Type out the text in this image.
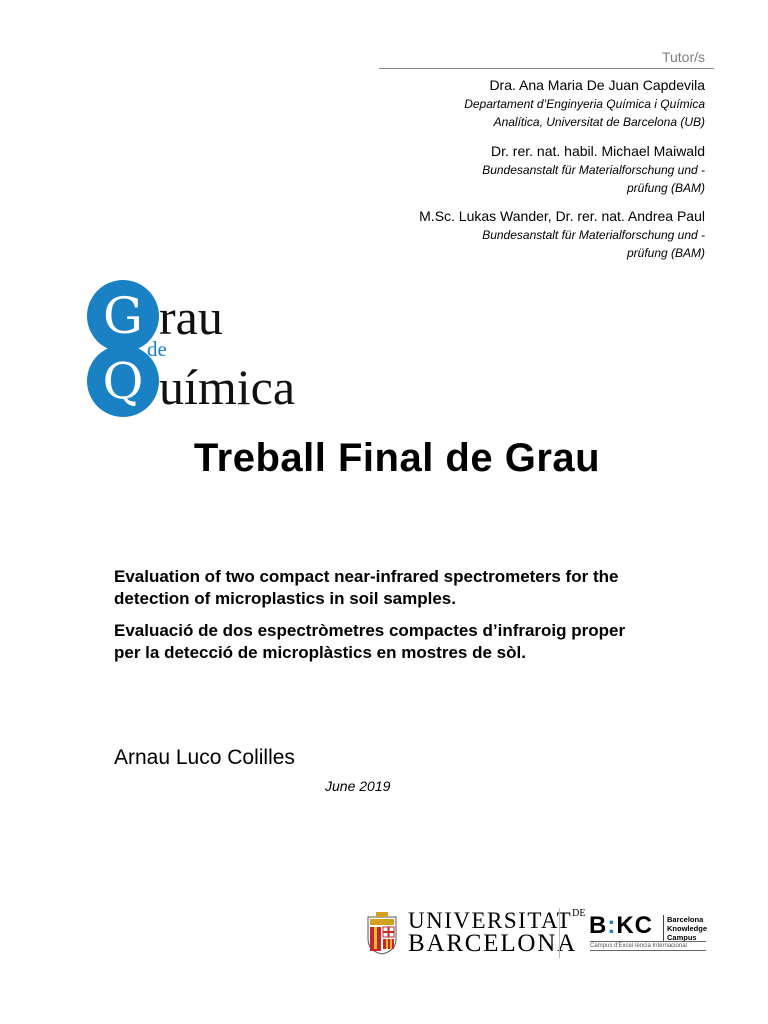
Tutor/s
Dra. Ana Maria De Juan Capdevila
Departament d’Enginyeria Química i Química
Analítica, Universitat de Barcelona (UB)
Dr. rer. nat. habil. Michael Maiwald
Bundesanstalt für Materialforschung und -
prüfung (BAM)
M.Sc. Lukas Wander, Dr. rer. nat. Andrea Paul
Bundesanstalt für Materialforschung und -
prüfung (BAM)
G rau
de
Q uímica
Treball Final de Grau
Evaluation of two compact near-infrared spectrometers for the
detection of microplastics in soil samples.
Evaluació de dos espectròmetres compactes d’infraroig proper
per la detecció de microplàstics en mostres de sòl.
Arnau Luco Colilles
June 2019
$UNIVERSITAT^{DE}$
BARCELONA
B:KC Barcelona
Knowledge
Campus
Campus d'Excel·lència Internacional
